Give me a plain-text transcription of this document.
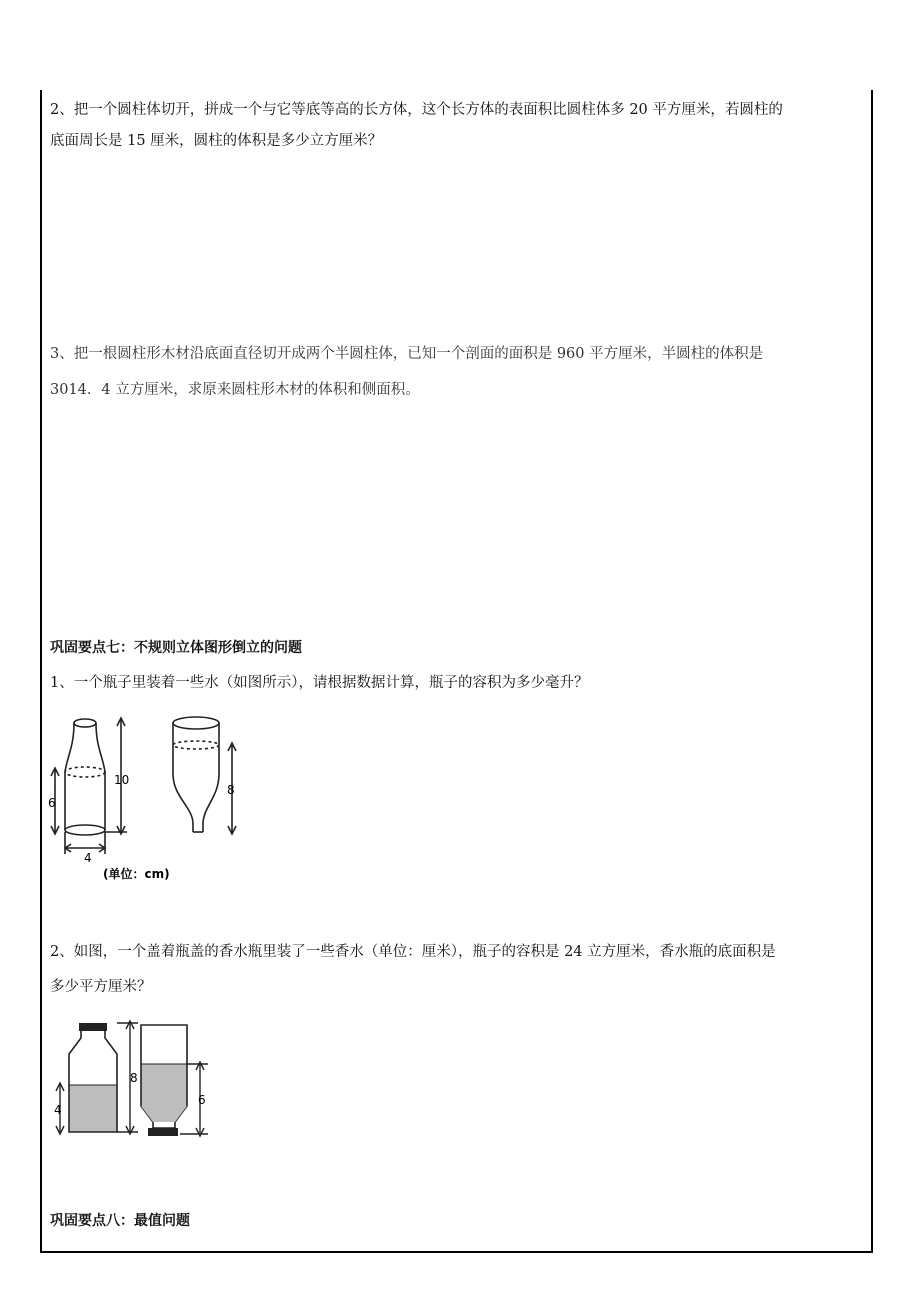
2、把一个圆柱体切开，拼成一个与它等底等高的长方体，这个长方体的表面积比圆柱体多 20 平方厘米，若圆柱的
底面周长是 15 厘米，圆柱的体积是多少立方厘米？
3、把一根圆柱形木材沿底面直径切开成两个半圆柱体，已知一个剖面的面积是 960 平方厘米，半圆柱的体积是
3014．4 立方厘米，求原来圆柱形木材的体积和侧面积。
巩固要点七：不规则立体图形倒立的问题
1、一个瓶子里装着一些水（如图所示），请根据数据计算，瓶子的容积为多少毫升？
10
6
4
8
(单位：cm)
2、如图，一个盖着瓶盖的香水瓶里装了一些香水（单位：厘米），瓶子的容积是 24 立方厘米，香水瓶的底面积是
多少平方厘米？
4
8
6
巩固要点八：最值问题
